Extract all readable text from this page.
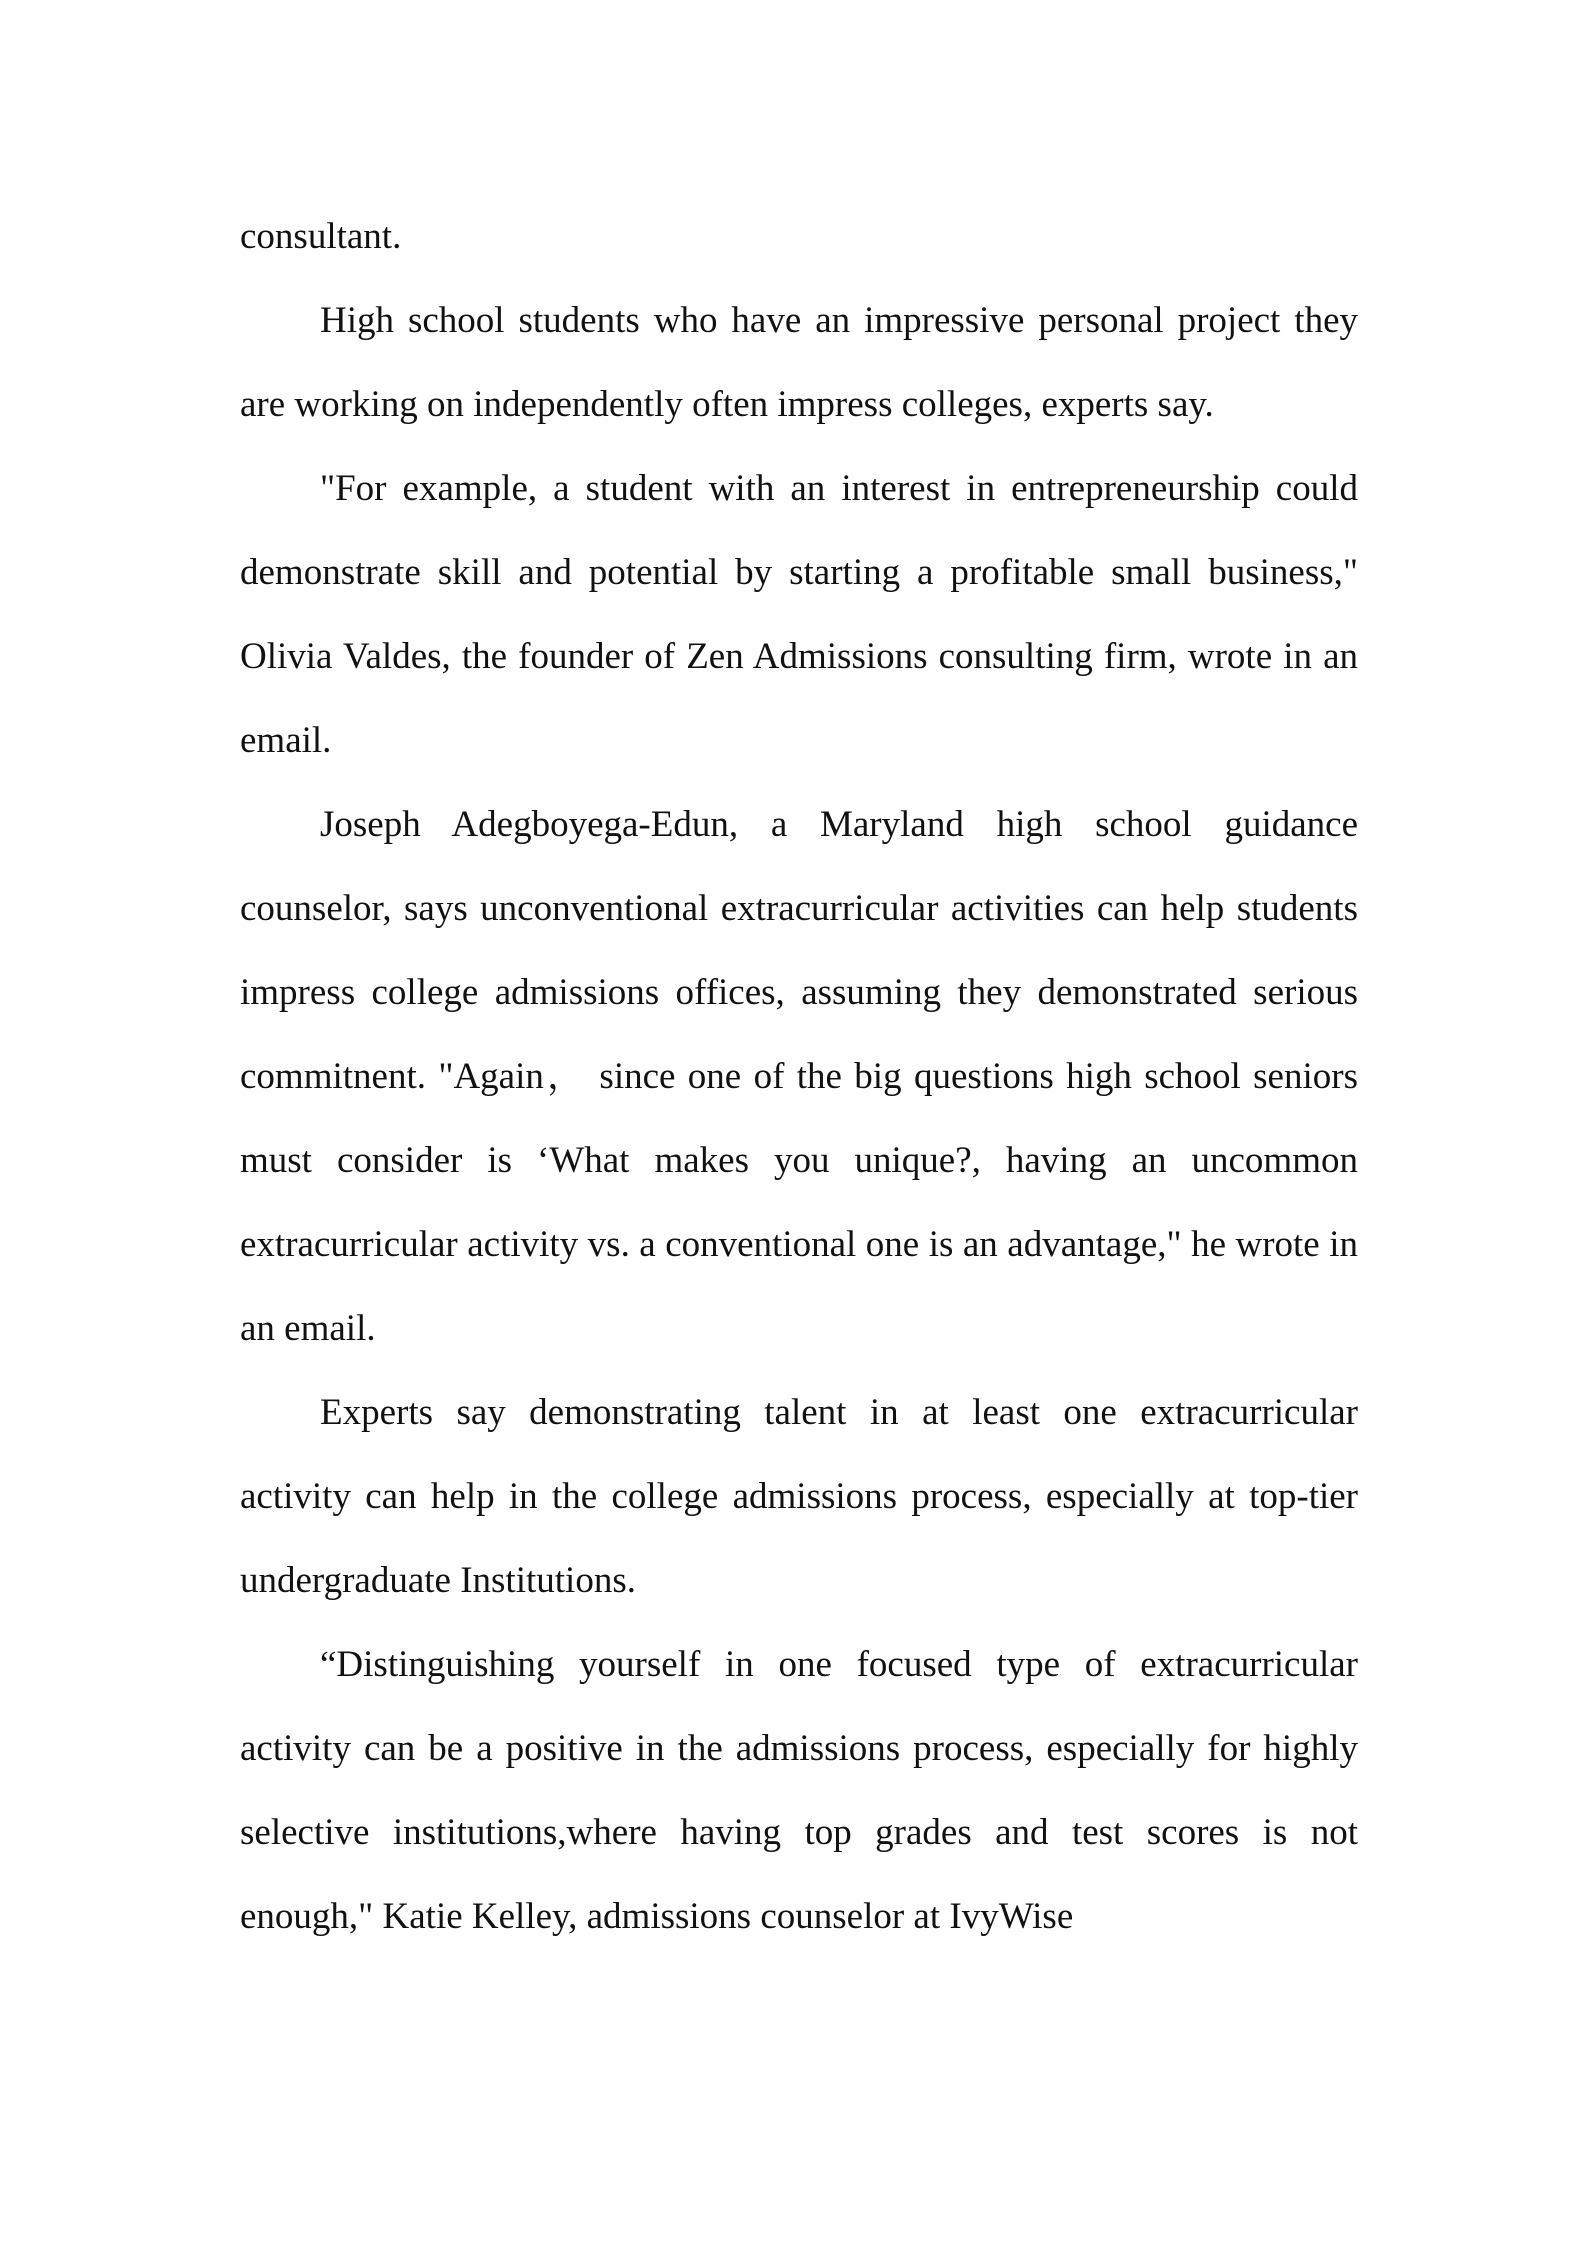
consultant.

High school students who have an impressive personal project they are working on independently often impress colleges, experts say.

"For example, a student with an interest in entrepreneurship could demonstrate skill and potential by starting a profitable small business," Olivia Valdes, the founder of Zen Admissions consulting firm, wrote in an email.

Joseph Adegboyega-Edun, a Maryland high school guidance counselor, says unconventional extracurricular activities can help students impress college admissions offices, assuming they demonstrated serious commitnent. "Again， since one of the big questions high school seniors must consider is ‘What makes you unique?, having an uncommon extracurricular activity vs. a conventional one is an advantage," he wrote in an email.

Experts say demonstrating talent in at least one extracurricular activity can help in the college admissions process, especially at top-tier undergraduate Institutions.

“Distinguishing yourself in one focused type of extracurricular activity can be a positive in the admissions process, especially for highly selective institutions,where having top grades and test scores is not enough," Katie Kelley, admissions counselor at IvyWise
